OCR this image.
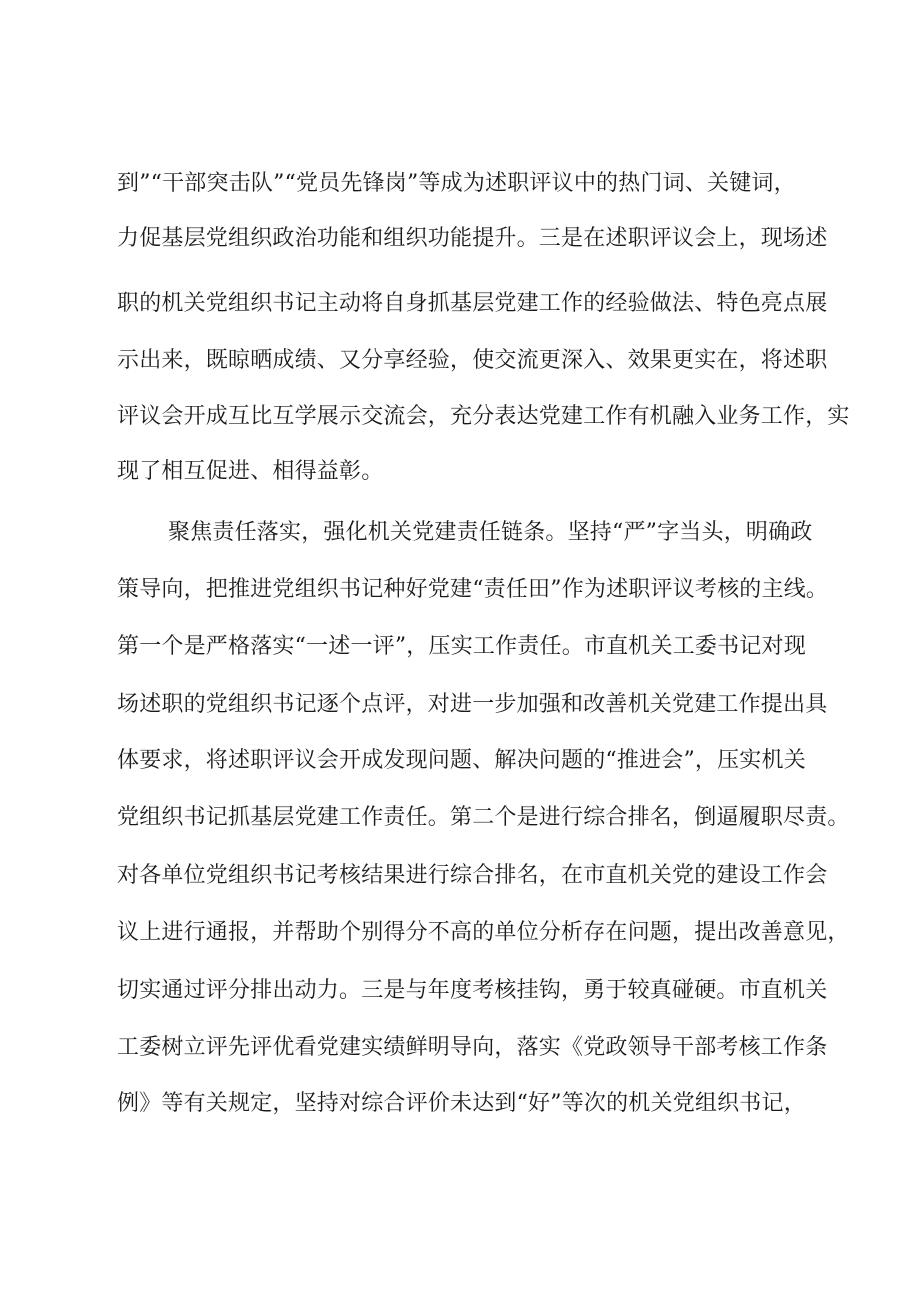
到”“干部突击队”“党员先锋岗”等成为述职评议中的热门词、关键词，
力促基层党组织政治功能和组织功能提升。三是在述职评议会上，现场述
职的机关党组织书记主动将自身抓基层党建工作的经验做法、特色亮点展
示出来，既晾晒成绩、又分享经验，使交流更深入、效果更实在，将述职
评议会开成互比互学展示交流会，充分表达党建工作有机融入业务工作，实
现了相互促进、相得益彰。
聚焦责任落实，强化机关党建责任链条。坚持“严”字当头，明确政
策导向，把推进党组织书记种好党建“责任田”作为述职评议考核的主线。
第一个是严格落实“一述一评”，压实工作责任。市直机关工委书记对现
场述职的党组织书记逐个点评，对进一步加强和改善机关党建工作提出具
体要求，将述职评议会开成发现问题、解决问题的“推进会”，压实机关
党组织书记抓基层党建工作责任。第二个是进行综合排名，倒逼履职尽责。
对各单位党组织书记考核结果进行综合排名，在市直机关党的建设工作会
议上进行通报，并帮助个别得分不高的单位分析存在问题，提出改善意见，
切实通过评分排出动力。三是与年度考核挂钩，勇于较真碰硬。市直机关
工委树立评先评优看党建实绩鲜明导向，落实《党政领导干部考核工作条
例》等有关规定，坚持对综合评价未达到“好”等次的机关党组织书记，
